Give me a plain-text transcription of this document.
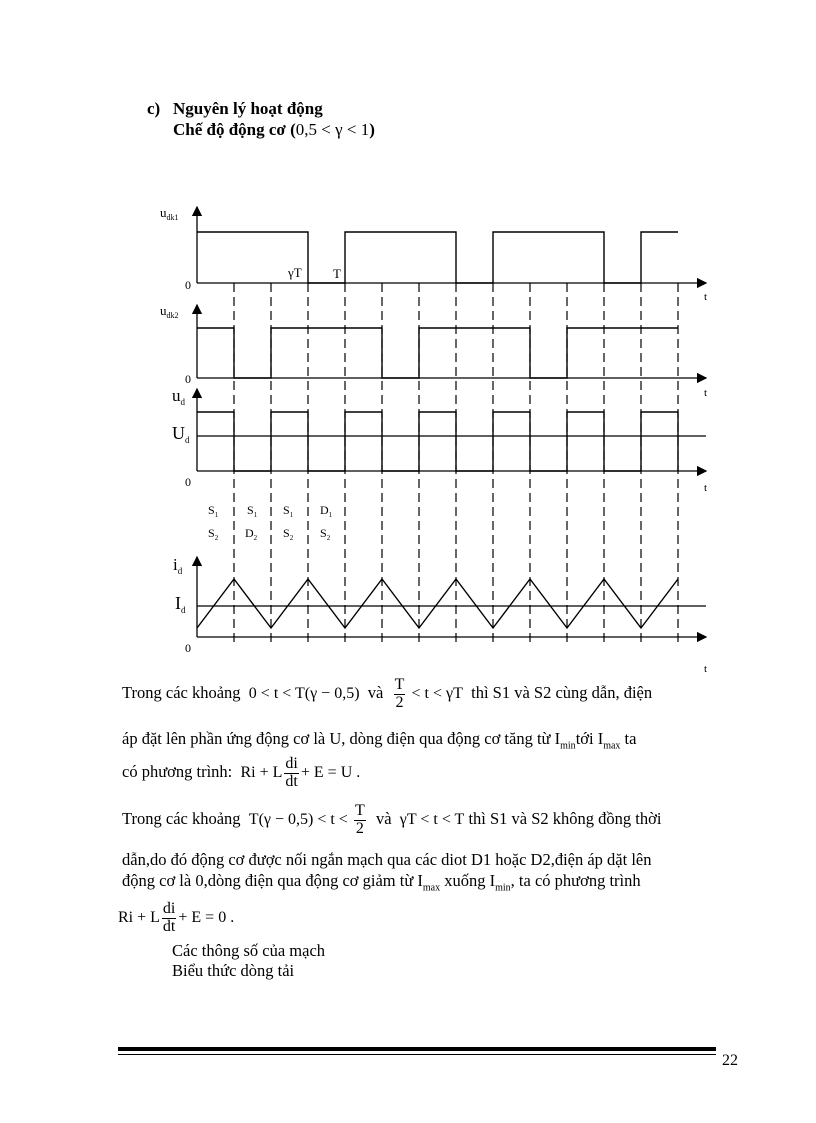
c) Nguyên lý hoạt động
Chế độ động cơ (0,5 < γ < 1)
$u_{dk1}$
0
γT T
t
$u_{dk2}$
0
t
$u_d$
$U_d$
0	t
$i_d$
$I_d$
0
t
$S_1$
$S_2$
$S_1$
$D_2$
$S_1$
$S_2$
$D_1$
$S_2$
Trong các khoảng 0 < t < T(γ − 0,5) và $\frac{T}{2} < t < \gamma T$ thì S1 và S2 cùng dẫn, điện
áp đặt lên phần ứng động cơ là U, dòng điện qua động cơ tăng từ $I_{min}tới$ $I_{max}$ ta
có phương trình: Ri + L $\frac{di}{dt} + E = U$ .
Trong các khoảng $T(\gamma - 0,5) < t < \frac{T}{2}$ và γT < t < T thì S1 và S2 không đồng thời
dẫn,do đó động cơ được nối ngắn mạch qua các diot D1 hoặc D2,điện áp dặt lên
động cơ là 0,dòng điện qua động cơ giảm từ $I_{max}$ xuống $I_{min}$, ta có phương trình
Ri + L $\frac{di}{dt} + E = 0$ .
Các thông số của mạch
Biểu thức dòng tải
22
